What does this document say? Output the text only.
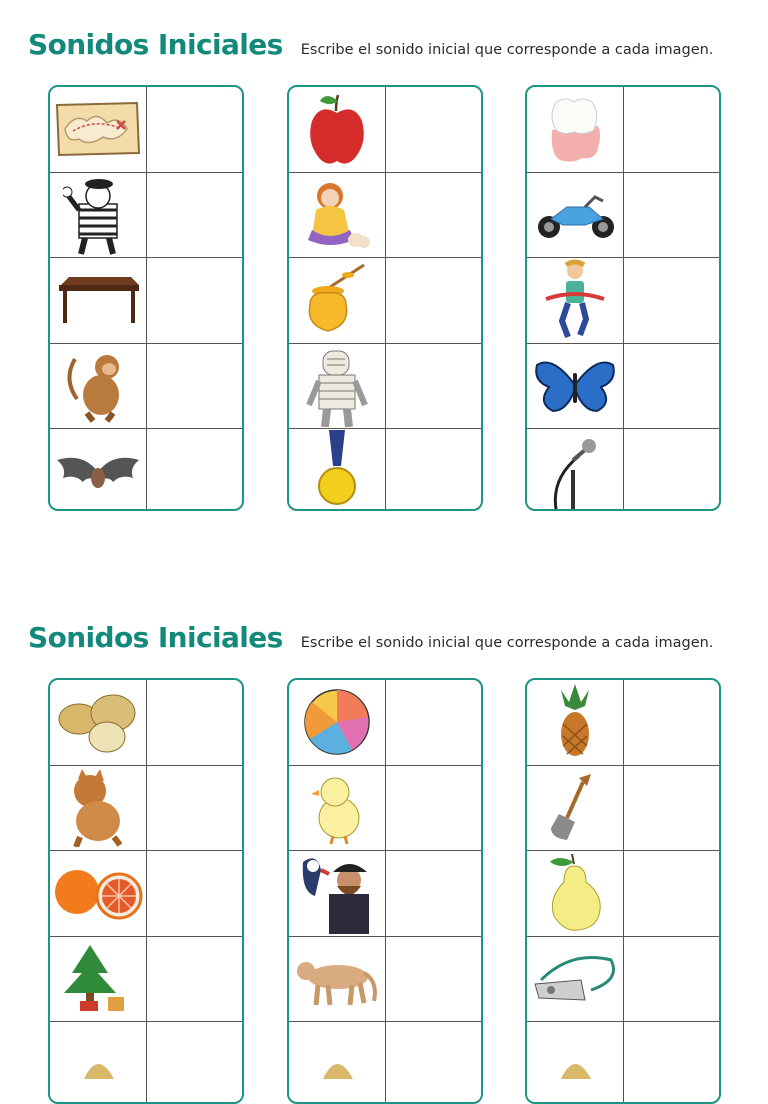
Sonidos Iniciales Escribe el sonido inicial que corresponde a cada imagen.
Sonidos Iniciales Escribe el sonido inicial que corresponde a cada imagen.
